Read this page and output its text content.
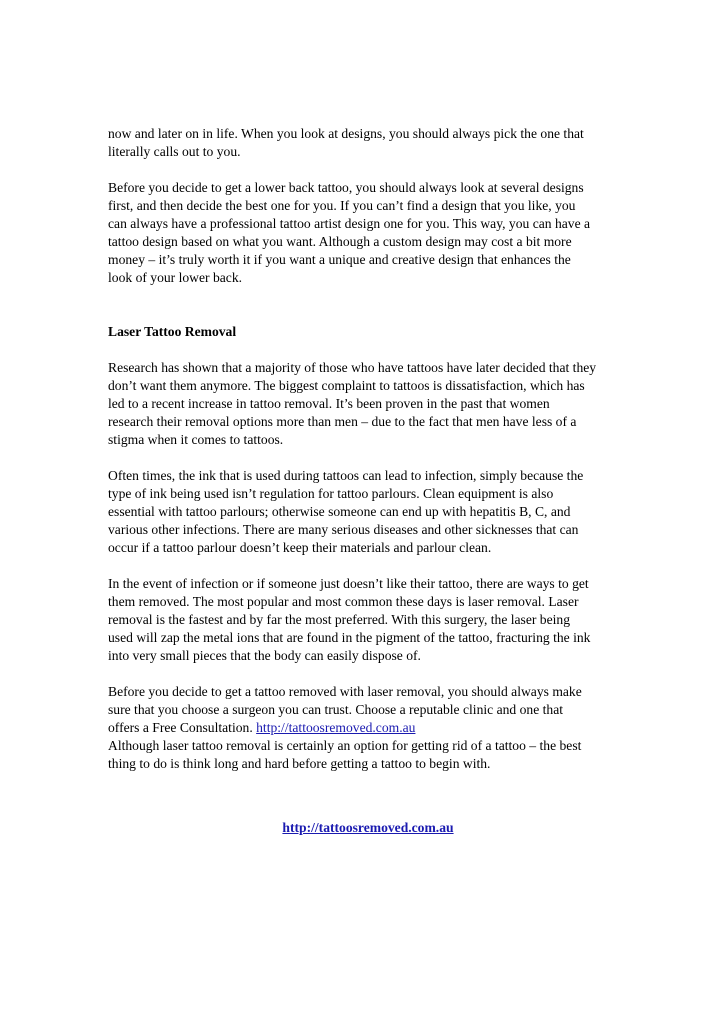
now and later on in life. When you look at designs, you should always pick the one that
literally calls out to you.

Before you decide to get a lower back tattoo, you should always look at several designs
first, and then decide the best one for you. If you can’t find a design that you like, you
can always have a professional tattoo artist design one for you. This way, you can have a
tattoo design based on what you want. Although a custom design may cost a bit more
money – it’s truly worth it if you want a unique and creative design that enhances the
look of your lower back.

Laser Tattoo Removal

Research has shown that a majority of those who have tattoos have later decided that they
don’t want them anymore. The biggest complaint to tattoos is dissatisfaction, which has
led to a recent increase in tattoo removal. It’s been proven in the past that women
research their removal options more than men – due to the fact that men have less of a
stigma when it comes to tattoos.

Often times, the ink that is used during tattoos can lead to infection, simply because the
type of ink being used isn’t regulation for tattoo parlours. Clean equipment is also
essential with tattoo parlours; otherwise someone can end up with hepatitis B, C, and
various other infections. There are many serious diseases and other sicknesses that can
occur if a tattoo parlour doesn’t keep their materials and parlour clean.

In the event of infection or if someone just doesn’t like their tattoo, there are ways to get
them removed. The most popular and most common these days is laser removal. Laser
removal is the fastest and by far the most preferred. With this surgery, the laser being
used will zap the metal ions that are found in the pigment of the tattoo, fracturing the ink
into very small pieces that the body can easily dispose of.

Before you decide to get a tattoo removed with laser removal, you should always make
sure that you choose a surgeon you can trust. Choose a reputable clinic and one that
offers a Free Consultation. http://tattoosremoved.com.au
Although laser tattoo removal is certainly an option for getting rid of a tattoo – the best
thing to do is think long and hard before getting a tattoo to begin with.

http://tattoosremoved.com.au
